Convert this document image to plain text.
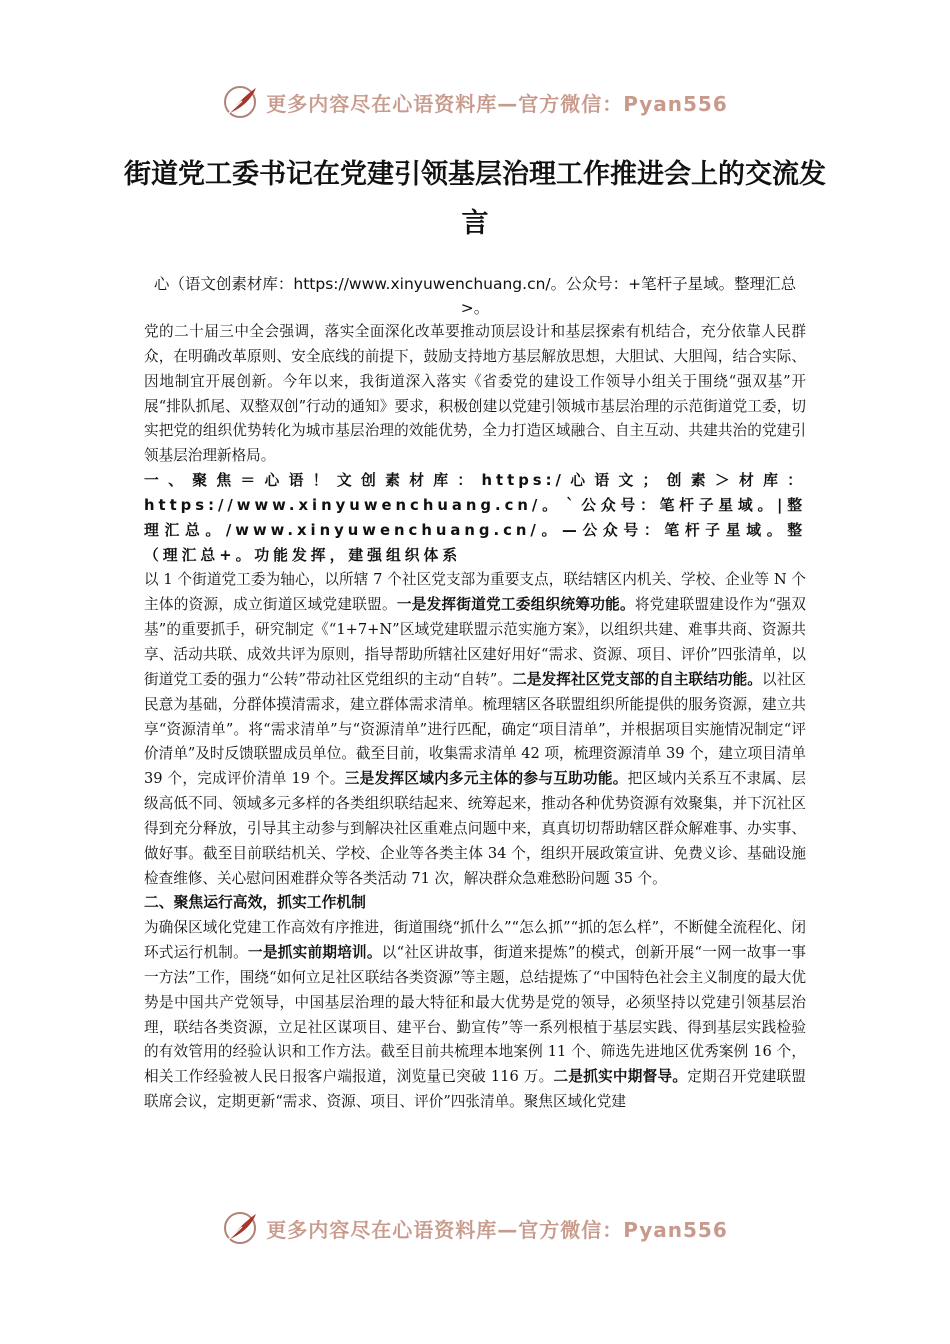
更多内容尽在心语资料库—官方微信：Pyan556
街道党工委书记在党建引领基层治理工作推进会上的交流发言
心（语文创素材库：https://www.xinyuwenchuang.cn/。公众号：+笔杆子星域。整理汇总>。

党的二十届三中全会强调，落实全面深化改革要推动顶层设计和基层探索有机结合，充分依靠人民群众，在明确改革原则、安全底线的前提下，鼓励支持地方基层解放思想，大胆试、大胆闯，结合实际、因地制宜开展创新。今年以来，我街道深入落实《省委党的建设工作领导小组关于围绕“强双基”开展“排队抓尾、双整双创”行动的通知》要求，积极创建以党建引领城市基层治理的示范街道党工委，切实把党的组织优势转化为城市基层治理的效能优势，全力打造区域融合、自主互动、共建共治的党建引领基层治理新格局。

一、聚焦＝心语！文创素材库：https:/心语文；创素＞材库：https://www.xinyuwenchuang.cn/。｀公众号：笔杆子星域。|整理汇总。/www.xinyuwenchuang.cn/。—公众号：笔杆子星域。整（理汇总+。功能发挥，建强组织体系

以 1 个街道党工委为轴心，以所辖 7 个社区党支部为重要支点，联结辖区内机关、学校、企业等 N 个主体的资源，成立街道区域党建联盟。一是发挥街道党工委组织统筹功能。将党建联盟建设作为“强双基”的重要抓手，研究制定《“1+7+N”区域党建联盟示范实施方案》，以组织共建、难事共商、资源共享、活动共联、成效共评为原则，指导帮助所辖社区建好用好“需求、资源、项目、评价”四张清单，以街道党工委的强力“公转”带动社区党组织的主动“自转”。二是发挥社区党支部的自主联结功能。以社区民意为基础，分群体摸清需求，建立群体需求清单。梳理辖区各联盟组织所能提供的服务资源，建立共享“资源清单”。将“需求清单”与“资源清单”进行匹配，确定“项目清单”，并根据项目实施情况制定“评价清单”及时反馈联盟成员单位。截至目前，收集需求清单 42 项，梳理资源清单 39 个，建立项目清单 39 个，完成评价清单 19 个。三是发挥区域内多元主体的参与互助功能。把区域内关系互不隶属、层级高低不同、领域多元多样的各类组织联结起来、统筹起来，推动各种优势资源有效聚集，并下沉社区得到充分释放，引导其主动参与到解决社区重难点问题中来，真真切切帮助辖区群众解难事、办实事、做好事。截至目前联结机关、学校、企业等各类主体 34 个，组织开展政策宣讲、免费义诊、基础设施检查维修、关心慰问困难群众等各类活动 71 次，解决群众急难愁盼问题 35 个。

二、聚焦运行高效，抓实工作机制

为确保区域化党建工作高效有序推进，街道围绕“抓什么”“怎么抓”“抓的怎么样”，不断健全流程化、闭环式运行机制。一是抓实前期培训。以“社区讲故事，街道来提炼”的模式，创新开展“一网一故事一事一方法”工作，围绕“如何立足社区联结各类资源”等主题，总结提炼了“中国特色社会主义制度的最大优势是中国共产党领导，中国基层治理的最大特征和最大优势是党的领导，必须坚持以党建引领基层治理，联结各类资源，立足社区谋项目、建平台、勤宣传”等一系列根植于基层实践、得到基层实践检验的有效管用的经验认识和工作方法。截至目前共梳理本地案例 11 个、筛选先进地区优秀案例 16 个，相关工作经验被人民日报客户端报道，浏览量已突破 116 万。二是抓实中期督导。定期召开党建联盟联席会议，定期更新“需求、资源、项目、评价”四张清单。聚焦区域化党建

更多内容尽在心语资料库—官方微信：Pyan556
